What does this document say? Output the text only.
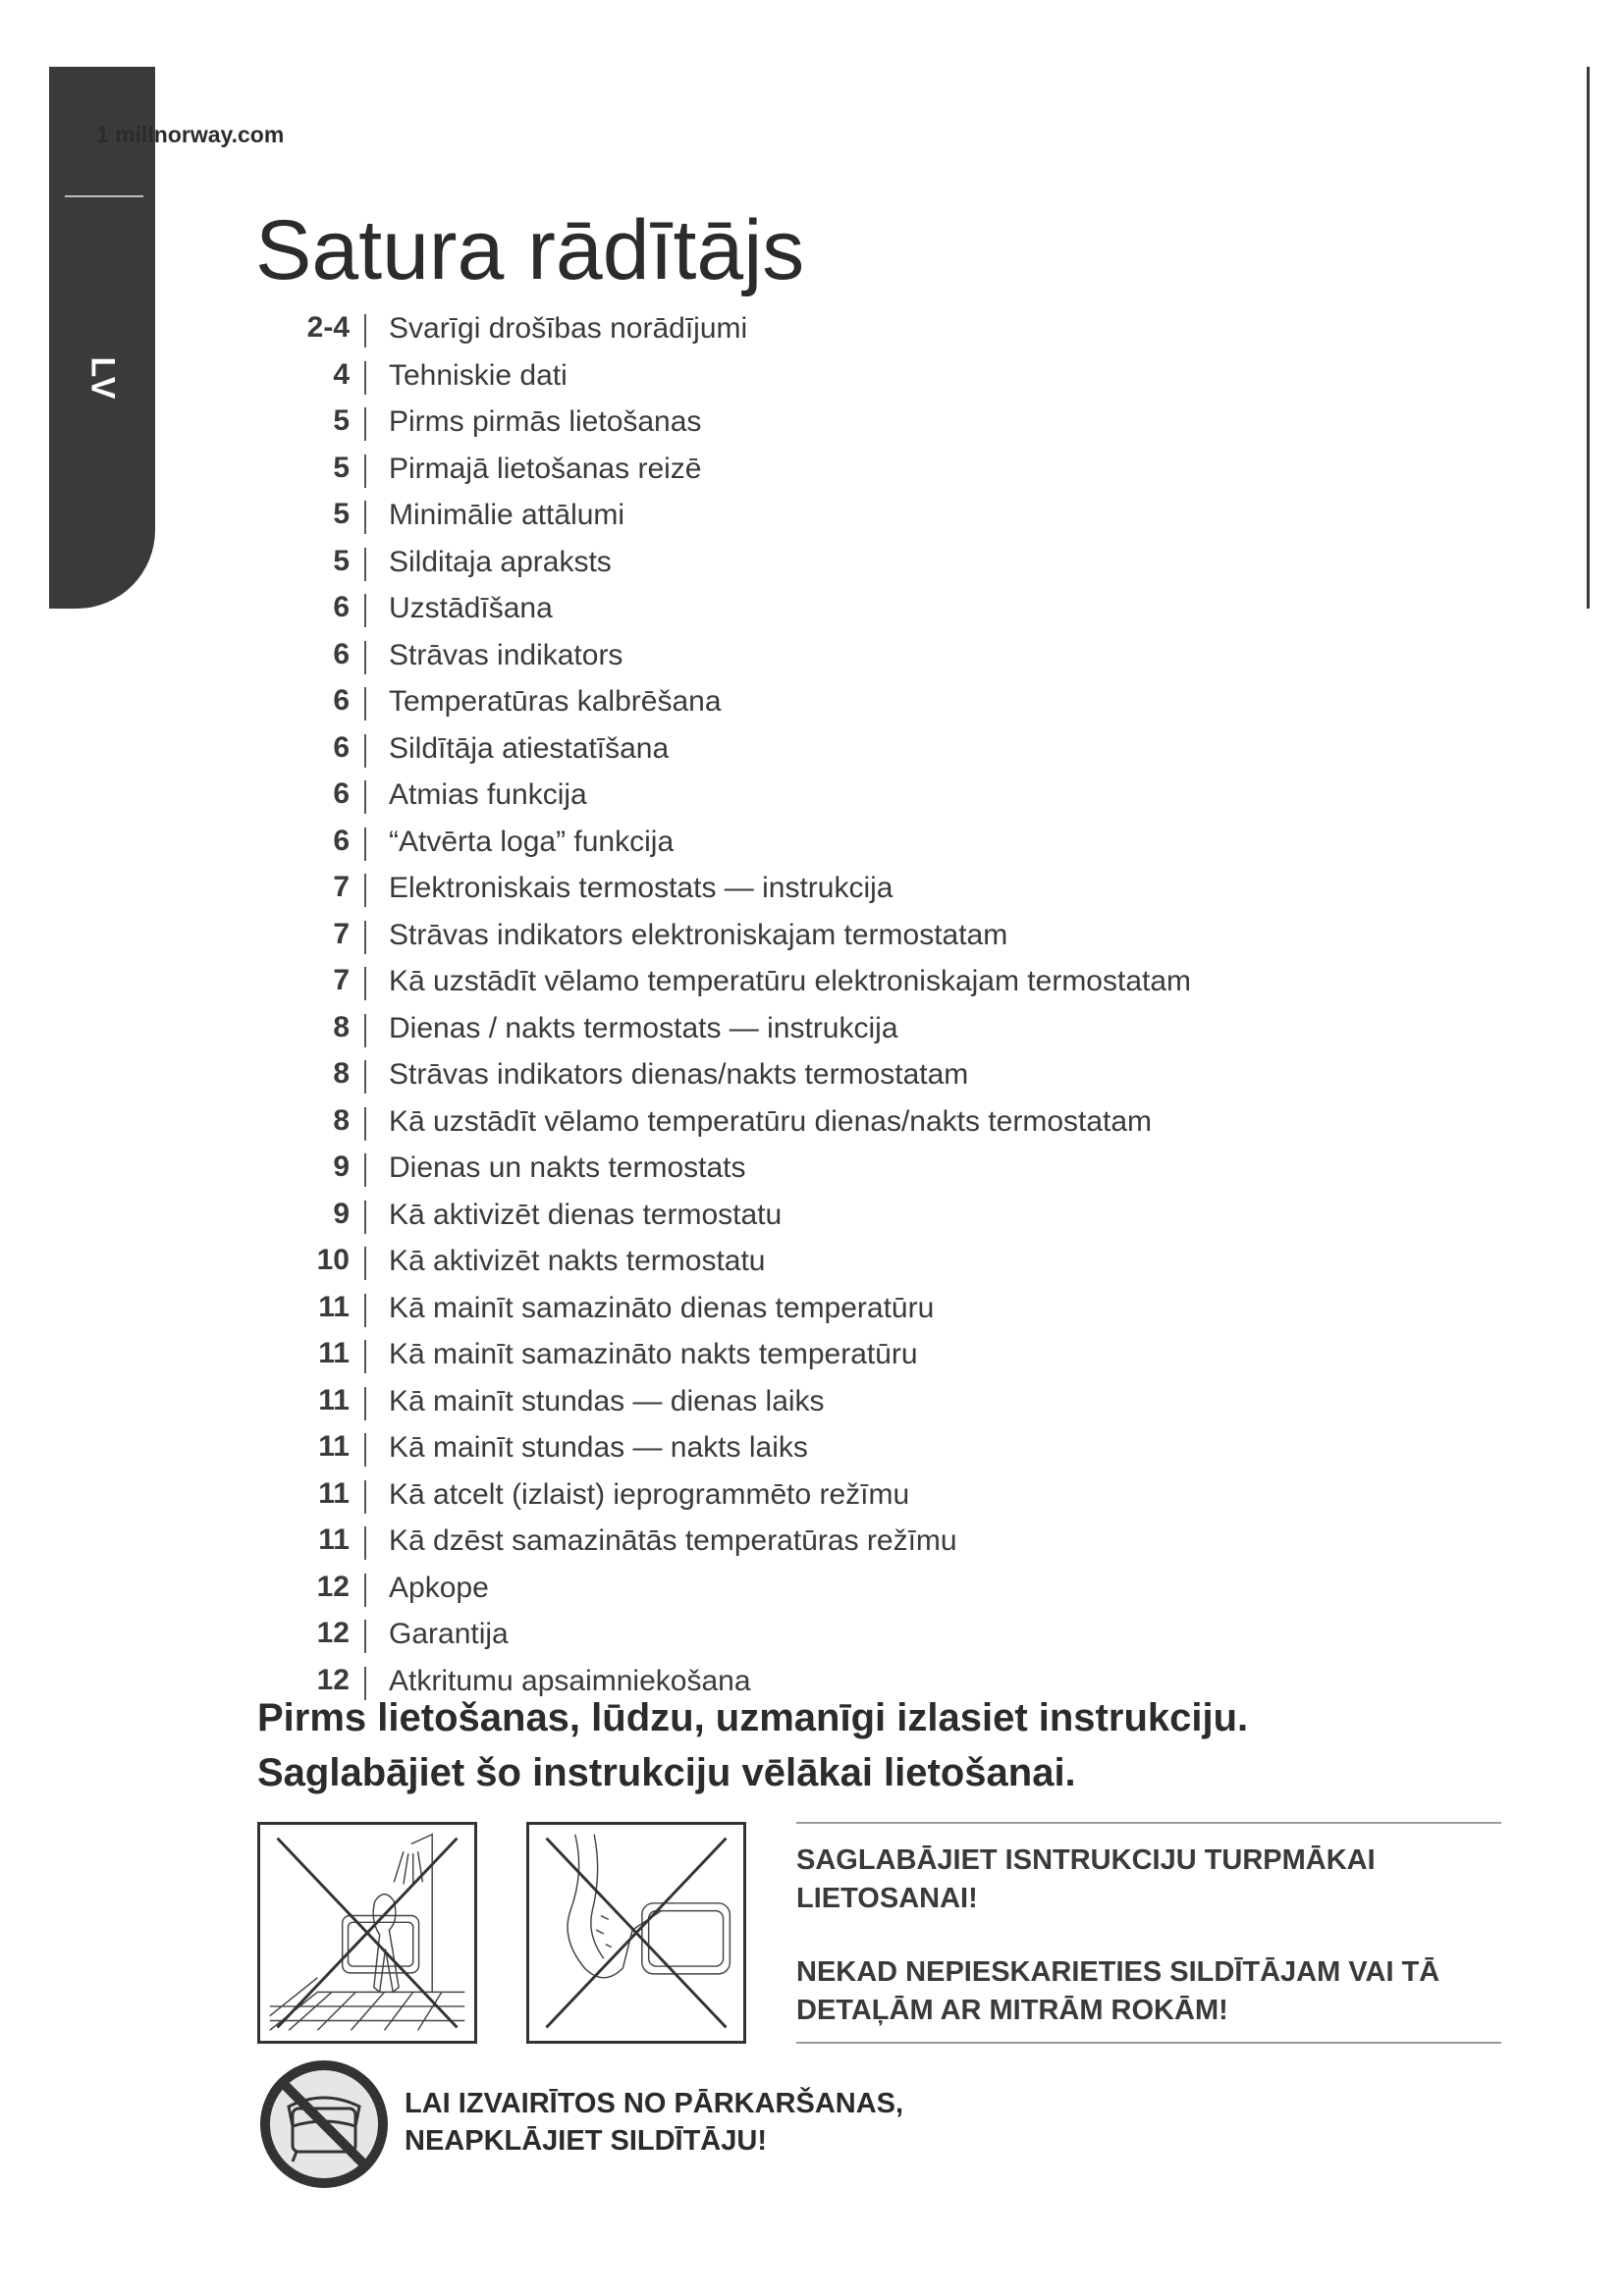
LV
1 millnorway.com
Satura rādītājs
2-4 Svarīgi drošības norādījumi
4 Tehniskie dati
5 Pirms pirmās lietošanas
5 Pirmajā lietošanas reizē
5 Minimālie attālumi
5 Silditaja apraksts
6 Uzstādīšana
6 Strāvas indikators
6 Temperatūras kalbrēšana
6 Sildītāja atiestatīšana
6 Atmias funkcija
6 “Atvērta loga” funkcija
7 Elektroniskais termostats — instrukcija
7 Strāvas indikators elektroniskajam termostatam
7 Kā uzstādīt vēlamo temperatūru elektroniskajam termostatam
8 Dienas / nakts termostats — instrukcija
8 Strāvas indikators dienas/nakts termostatam
8 Kā uzstādīt vēlamo temperatūru dienas/nakts termostatam
9 Dienas un nakts termostats
9 Kā aktivizēt dienas termostatu
10 Kā aktivizēt nakts termostatu
11 Kā mainīt samazināto dienas temperatūru
11 Kā mainīt samazināto nakts temperatūru
11 Kā mainīt stundas — dienas laiks
11 Kā mainīt stundas — nakts laiks
11 Kā atcelt (izlaist) ieprogrammēto režīmu
11 Kā dzēst samazinātās temperatūras režīmu
12 Apkope
12 Garantija
12 Atkritumu apsaimniekošana
Pirms lietošanas, lūdzu, uzmanīgi izlasiet instrukciju.
Saglabājiet šo instrukciju vēlākai lietošanai.

SAGLABĀJIET ISNTRUKCIJU TURPMĀKAI LIETOSANAI!

NEKAD NEPIESKARIETIES SILDĪTĀJAM VAI TĀ DETAĻĀM AR MITRĀM ROKĀM!

LAI IZVAIRĪTOS NO PĀRKARŠANAS, NEAPKLĀJIET SILDĪTĀJU!
